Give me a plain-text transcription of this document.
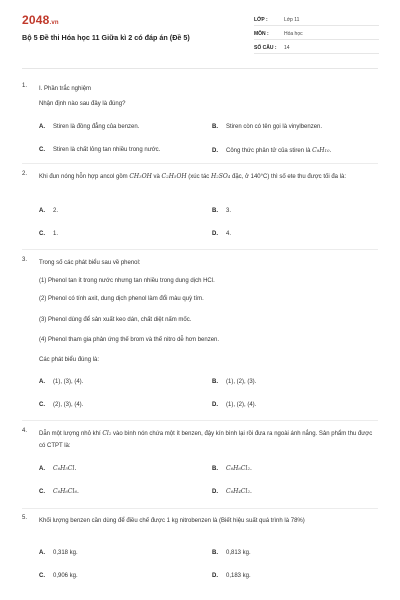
2048.vn
Bộ 5 Đề thi Hóa học 11 Giữa kì 2 có đáp án (Đề 5)
LỚP :	Lớp 11
MÔN :	Hóa học
SỐ CÂU : 14
1. I. Phần trắc nghiệm
Nhận định nào sau đây là đúng?
A. Stiren là đồng đẳng của benzen.	B. Stiren còn có tên gọi là vinylbenzen.
C. Stiren là chất lỏng tan nhiều trong nước.	D. Công thức phân tử của stiren là C8H10.
2. Khi đun nóng hỗn hợp ancol gồm CH3OH và C2H5OH (xúc tác H2SO4 đặc, ở 140°C) thì số ete thu được tối đa là:
A. 2.	B. 3.
C. 1.	D. 4.
3. Trong số các phát biểu sau về phenol:
(1) Phenol tan ít trong nước nhưng tan nhiều trong dung dịch HCl.
(2) Phenol có tính axit, dung dịch phenol làm đổi màu quỳ tím.
(3) Phenol dùng để sản xuất keo dán, chất diệt nấm mốc.
(4) Phenol tham gia phản ứng thế brom và thế nitro dễ hơn benzen.
Các phát biểu đúng là:
A. (1), (3), (4).	B. (1), (2), (3).
C. (2), (3), (4).	D. (1), (2), (4).
4. Dẫn một lượng nhỏ khí Cl2 vào bình nón chứa một ít benzen, đậy kín bình lại rồi đưa ra ngoài ánh nắng. Sản phẩm thu được có CTPT là:
A. C6H5Cl.	B. C6H6Cl2.
C. C6H6Cl6.	D. C6H4Cl2.
5. Khối lượng benzen cần dùng để điều chế được 1 kg nitrobenzen là (Biết hiệu suất quá trình là 78%)
A. 0,318 kg.	B. 0,813 kg.
C. 0,906 kg.	D. 0,183 kg.
